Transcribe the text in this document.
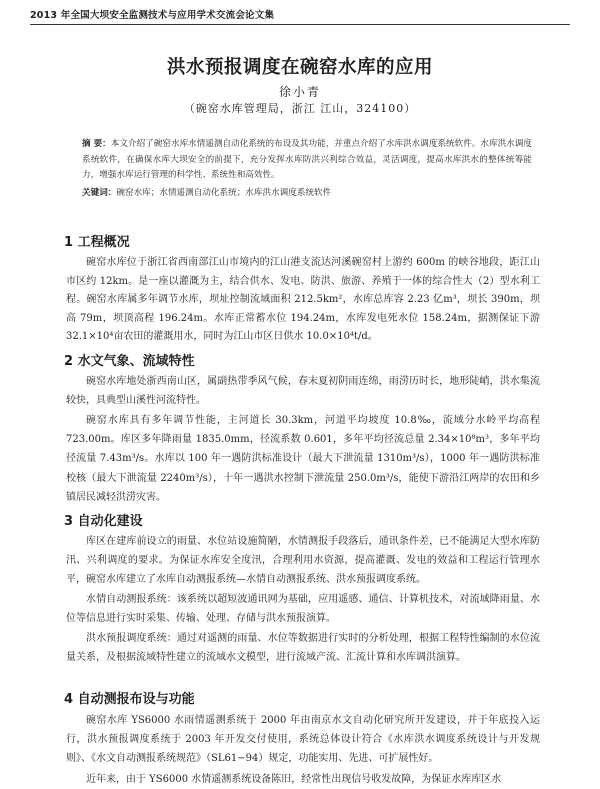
2013 年全国大坝安全监测技术与应用学术交流会论文集
洪水预报调度在碗窑水库的应用
徐小青
（碗窑水库管理局，浙江 江山，324100）
摘 要：本文介绍了碗窑水库水情遥测自动化系统的布设及其功能，并重点介绍了水库洪水调度系统软件。水库洪水调度系统软件，在确保水库大坝安全的前提下，充分发挥水库防洪兴利综合效益，灵活调度，提高水库洪水的整体统筹能力，增强水库运行管理的科学性、系统性和高效性。
关键词：碗窑水库；水情遥测自动化系统；水库洪水调度系统软件
1 工程概况
碗窑水库位于浙江省西南部江山市境内的江山港支流达河溪碗窑村上游约 600m 的峡谷地段，距江山市区约 12km。是一座以灌溉为主，结合供水、发电、防洪、旅游、养殖于一体的综合性大（2）型水利工程。碗窑水库属多年调节水库，坝址控制流域面积 212.5km²，水库总库容 2.23 亿m³，坝长 390m，坝高 79m，坝顶高程 196.24m。水库正常蓄水位 194.24m，水库发电死水位 158.24m，据测保证下游 32.1×10⁴亩农田的灌溉用水，同时为江山市区日供水 10.0×10⁴t/d。
2 水文气象、流域特性
碗窑水库地处浙西南山区，属副热带季风气候，春末夏初阴雨连绵，雨涝历时长，地形陡峭，洪水集流较快，具典型山溪性河流特性。
碗窑水库具有多年调节性能，主河道长 30.3km，河道平均坡度 10.8‰，流域分水岭平均高程 723.00m。库区多年降雨量 1835.0mm，径流系数 0.601，多年平均径流总量 2.34×10⁸m³，多年平均径流量 7.43m³/s。水库以 100 年一遇防洪标准设计（最大下泄流量 1310m³/s），1000 年一遇防洪标准校核（最大下泄流量 2240m³/s），十年一遇洪水控制下泄流量 250.0m³/s，能使下游沿江两岸的农田和乡镇居民减轻洪涝灾害。
3 自动化建设
库区在建库前设立的雨量、水位站设施简陋，水情测报手段落后，通讯条件差，已不能满足大型水库防汛、兴利调度的要求。为保证水库安全度汛，合理利用水资源，提高灌溉、发电的效益和工程运行管理水平，碗窑水库建立了水库自动测报系统—水情自动测报系统、洪水预报调度系统。
水情自动测报系统：该系统以超短波通讯网为基础，应用遥感、通信、计算机技术，对流域降雨量、水位等信息进行实时采集、传输、处理、存储与洪水预报演算。
洪水预报调度系统：通过对遥测的雨量、水位等数据进行实时的分析处理，根据工程特性编制的水位流量关系，及根据流域特性建立的流域水文模型，进行流域产流、汇流计算和水库调洪演算。
4 自动测报布设与功能
碗窑水库 YS6000 水雨情遥测系统于 2000 年由南京水文自动化研究所开发建设，并于年底投入运行，洪水预报调度系统于 2003 年开发交付使用，系统总体设计符合《水库洪水调度系统设计与开发规则》、《水文自动测报系统规范》（SL61−94）规定，功能实用、先进、可扩展性好。
近年来，由于 YS6000 水情遥测系统设备陈旧，经常性出现信号收发故障，为保证水库库区水
